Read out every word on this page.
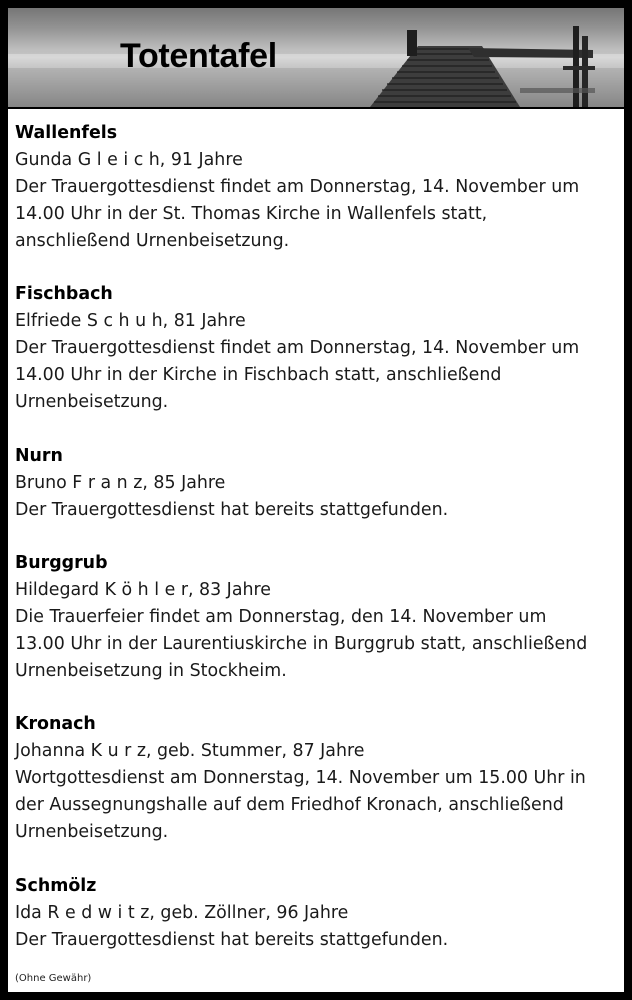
Totentafel
Wallenfels
Gunda G l e i c h, 91 Jahre
Der Trauergottesdienst findet am Donnerstag, 14. November um
14.00 Uhr in der St. Thomas Kirche in Wallenfels statt,
anschließend Urnenbeisetzung.
Fischbach
Elfriede S c h u h, 81 Jahre
Der Trauergottesdienst findet am Donnerstag, 14. November um
14.00 Uhr in der Kirche in Fischbach statt, anschließend
Urnenbeisetzung.
Nurn
Bruno F r a n z, 85 Jahre
Der Trauergottesdienst hat bereits stattgefunden.
Burggrub
Hildegard K ö h l e r, 83 Jahre
Die Trauerfeier findet am Donnerstag, den 14. November um
13.00 Uhr in der Laurentiuskirche in Burggrub statt, anschließend
Urnenbeisetzung in Stockheim.
Kronach
Johanna K u r z, geb. Stummer, 87 Jahre
Wortgottesdienst am Donnerstag, 14. November um 15.00 Uhr in
der Aussegnungshalle auf dem Friedhof Kronach, anschließend
Urnenbeisetzung.
Schmölz
Ida R e d w i t z, geb. Zöllner, 96 Jahre
Der Trauergottesdienst hat bereits stattgefunden.
(Ohne Gewähr)
